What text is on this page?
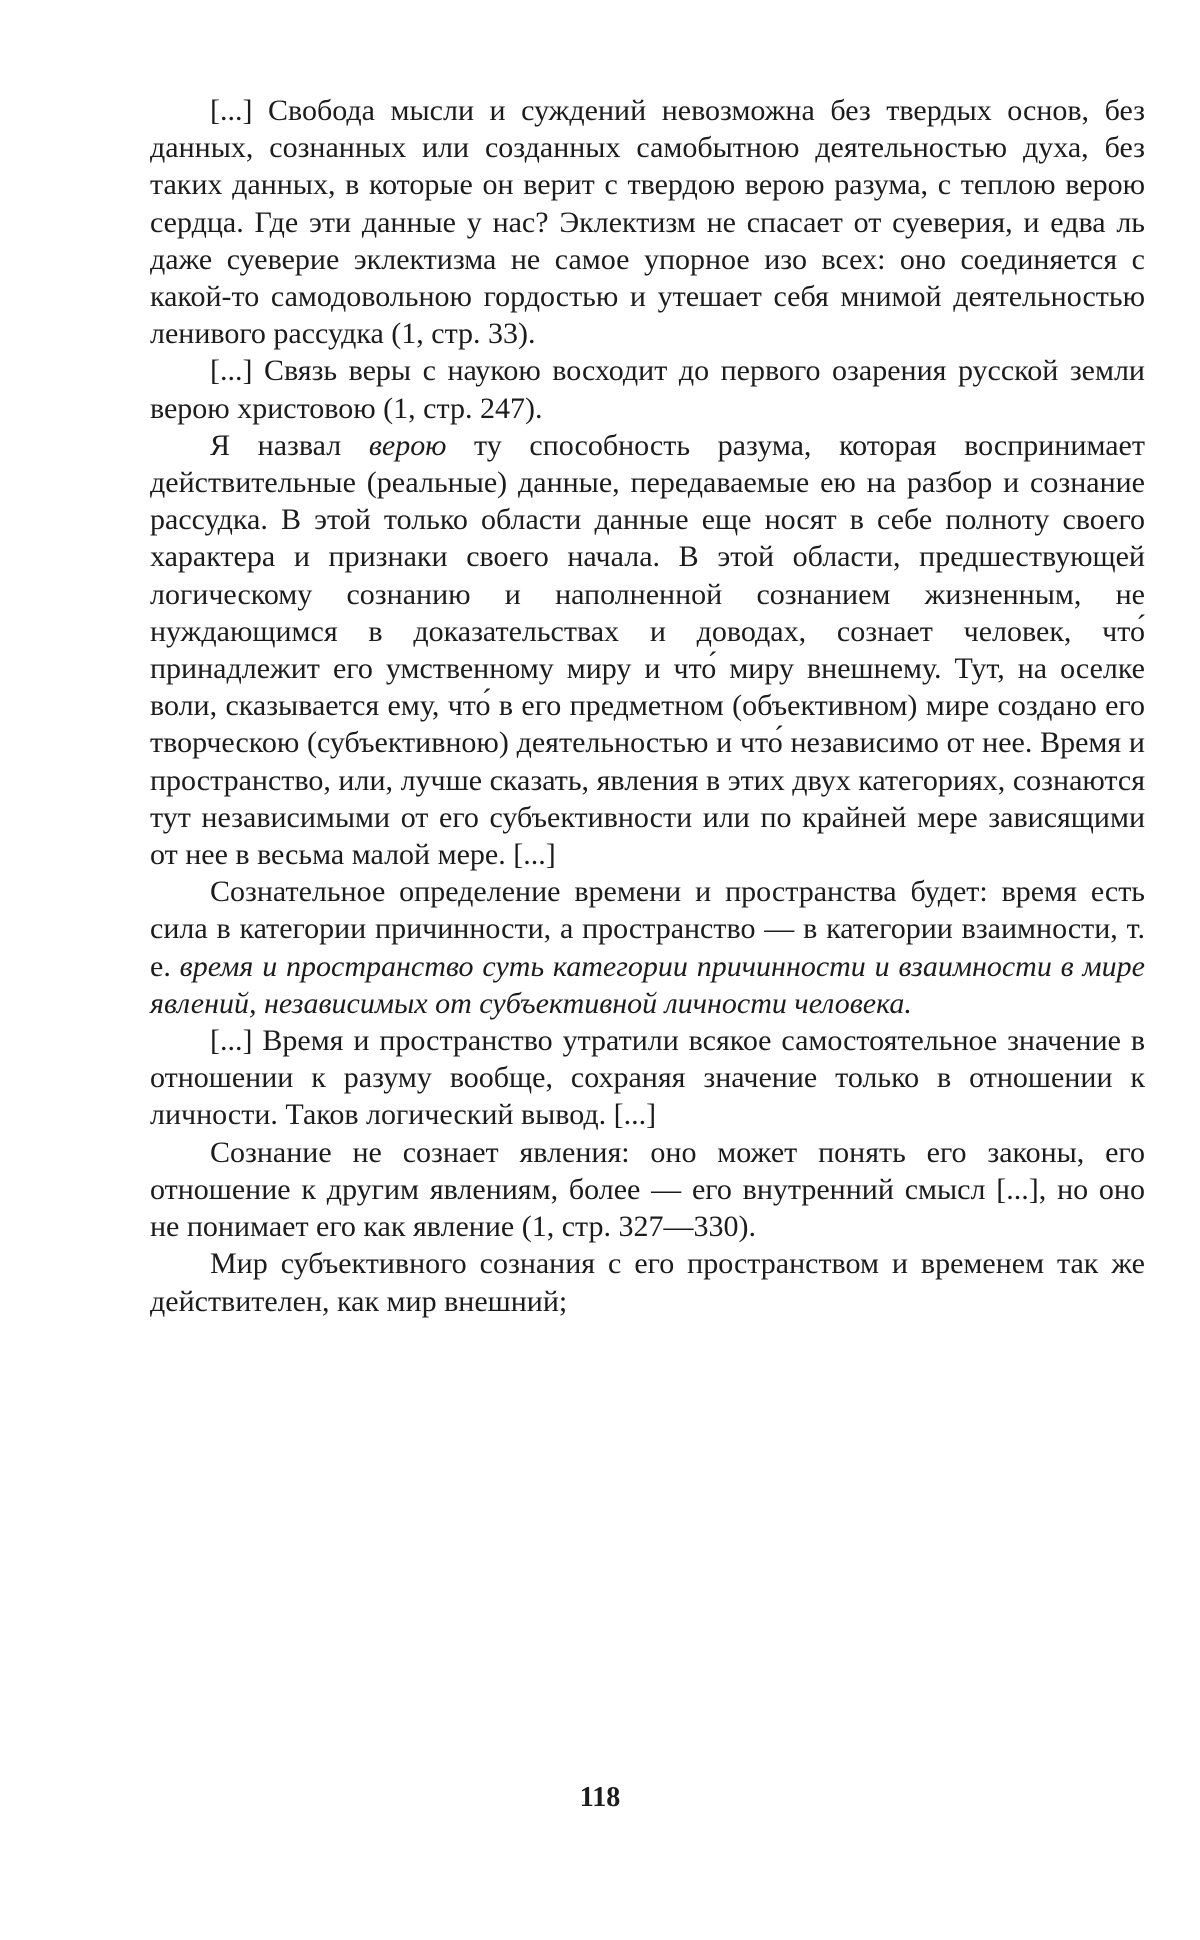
[...] Свобода мысли и суждений невозможна без твердых основ, без данных, сознанных или созданных самобытною деятельностью духа, без таких данных, в которые он верит с твердою верою разума, с теплою верою сердца. Где эти данные у нас? Эклектизм не спасает от суеверия, и едва ль даже суеверие эклектизма не самое упорное изо всех: оно соединяется с какой-то самодовольною гордостью и утешает себя мнимой деятельностью ленивого рассудка (1, стр. 33).

[...] Связь веры с наукою восходит до первого озарения русской земли верою христовою (1, стр. 247).

Я назвал верою ту способность разума, которая воспринимает действительные (реальные) данные, передаваемые ею на разбор и сознание рассудка. В этой только области данные еще носят в себе полноту своего характера и признаки своего начала. В этой области, предшествующей логическому сознанию и наполненной сознанием жизненным, не нуждающимся в доказательствах и доводах, сознает человек, что́ принадлежит его умственному миру и что́ миру внешнему. Тут, на оселке воли, сказывается ему, что́ в его предметном (объективном) мире создано его творческою (субъективною) деятельностью и что́ независимо от нее. Время и пространство, или, лучше сказать, явления в этих двух категориях, сознаются тут независимыми от его субъективности или по крайней мере зависящими от нее в весьма малой мере. [...]

Сознательное определение времени и пространства будет: время есть сила в категории причинности, а пространство — в категории взаимности, т. е. время и пространство суть категории причинности и взаимности в мире явлений, независимых от субъективной личности человека.

[...] Время и пространство утратили всякое самостоятельное значение в отношении к разуму вообще, сохраняя значение только в отношении к личности. Таков логический вывод. [...]

Сознание не сознает явления: оно может понять его законы, его отношение к другим явлениям, более — его внутренний смысл [...], но оно не понимает его как явление (1, стр. 327—330).

Мир субъективного сознания с его пространством и временем так же действителен, как мир внешний;

118
